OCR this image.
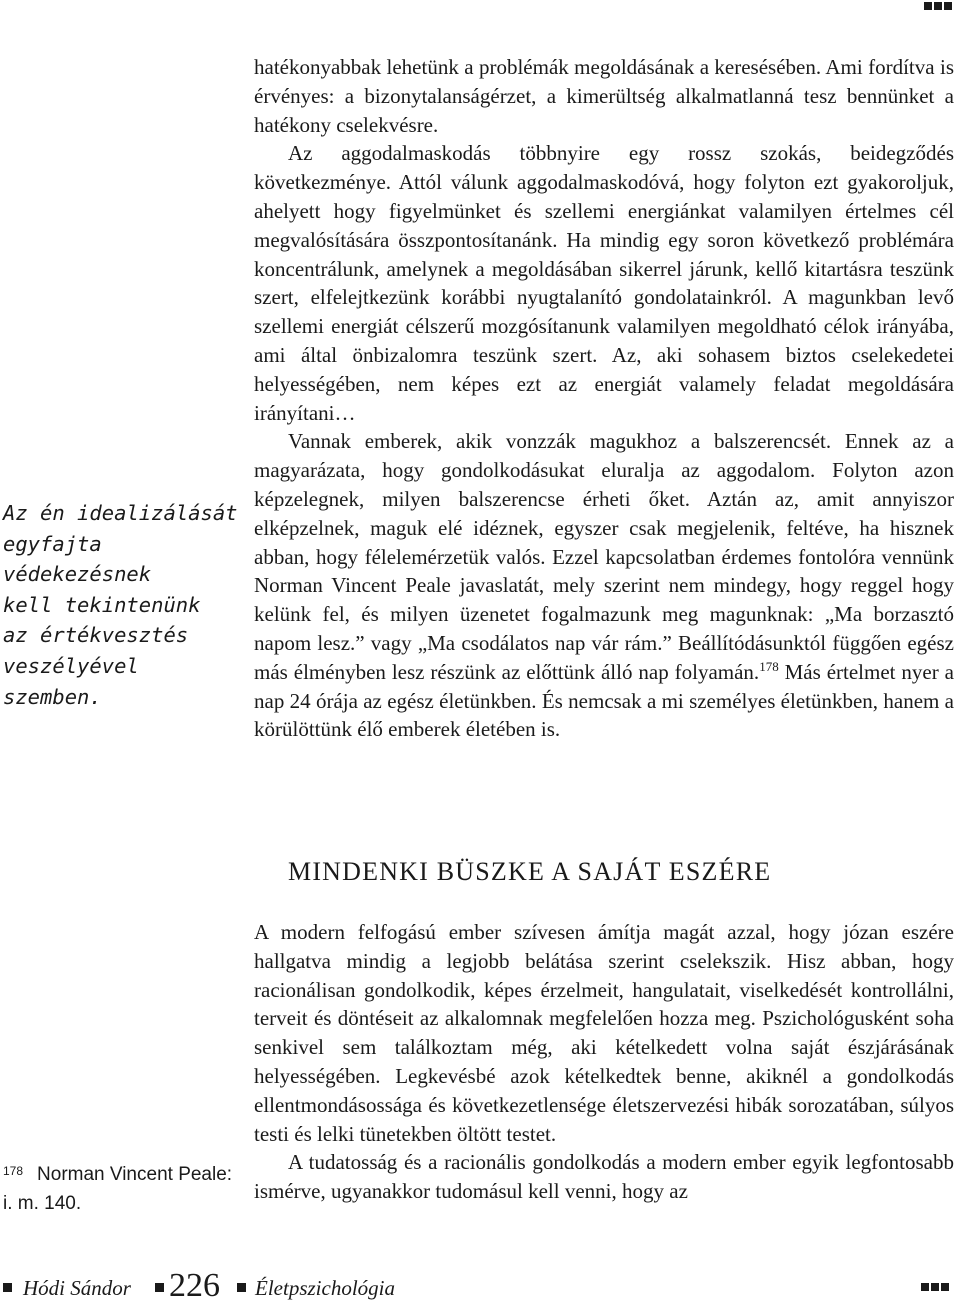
hatékonyabbak lehetünk a problémák megoldásának a keresésében. Ami fordítva is érvényes: a bizonytalanságérzet, a kimerültség alkalmatlanná tesz bennünket a hatékony cselekvésre.

Az aggodalmaskodás többnyire egy rossz szokás, beidegződés következménye. Attól válunk aggodalmaskodóvá, hogy folyton ezt gyakoroljuk, ahelyett hogy figyelmünket és szellemi energiánkat valamilyen értelmes cél megvalósítására összpontosítanánk. Ha mindig egy soron következő problémára koncentrálunk, amelynek a megoldásában sikerrel járunk, kellő kitartásra teszünk szert, elfelejtkezünk korábbi nyugtalanító gondolatainkról. A magunkban levő szellemi energiát célszerű mozgósítanunk valamilyen megoldható célok irányába, ami által önbizalomra teszünk szert. Az, aki sohasem biztos cselekedetei helyességében, nem képes ezt az energiát valamely feladat megoldására irányítani…

Vannak emberek, akik vonzzák magukhoz a balszerencsét. Ennek az a magyarázata, hogy gondolkodásukat eluralja az aggodalom. Folyton azon képzelegnek, milyen balszerencse érheti őket. Aztán az, amit annyiszor elképzelnek, maguk elé idéznek, egyszer csak megjelenik, feltéve, ha hisznek abban, hogy félelemérzetük valós. Ezzel kapcsolatban érdemes fontolóra vennünk Norman Vincent Peale javaslatát, mely szerint nem mindegy, hogy reggel hogy kelünk fel, és milyen üzenetet fogalmazunk meg magunknak: „Ma borzasztó napom lesz.” vagy „Ma csodálatos nap vár rám.” Beállítódásunktól függően egész más élményben lesz részünk az előttünk álló nap folyamán.$^{178}$ Más értelmet nyer a nap 24 órája az egész életünkben. És nemcsak a mi személyes életünkben, hanem a körülöttünk élő emberek életében is.

MINDENKI BÜSZKE A SAJÁT ESZÉRE

A modern felfogású ember szívesen ámítja magát azzal, hogy józan eszére hallgatva mindig a legjobb belátása szerint cselekszik. Hisz abban, hogy racionálisan gondolkodik, képes érzelmeit, hangulatait, viselkedését kontrollálni, terveit és döntéseit az alkalomnak megfelelően hozza meg. Pszichológusként soha senkivel sem találkoztam még, aki kételkedett volna saját észjárásának helyességében. Legkevésbé azok kételkedtek benne, akiknél a gondolkodás ellentmondásossága és következetlensége életszervezési hibák sorozatában, súlyos testi és lelki tünetekben öltött testet.

A tudatosság és a racionális gondolkodás a modern ember egyik legfontosabb ismérve, ugyanakkor tudomásul kell venni, hogy az

Az én idealizálását
egyfajta
védekezésnek
kell tekintenünk
az értékvesztés
veszélyével
szemben.
$^{178}$ Norman Vincent Peale:
i. m. 140.
Hódi Sándor 226 Életpszichológia
